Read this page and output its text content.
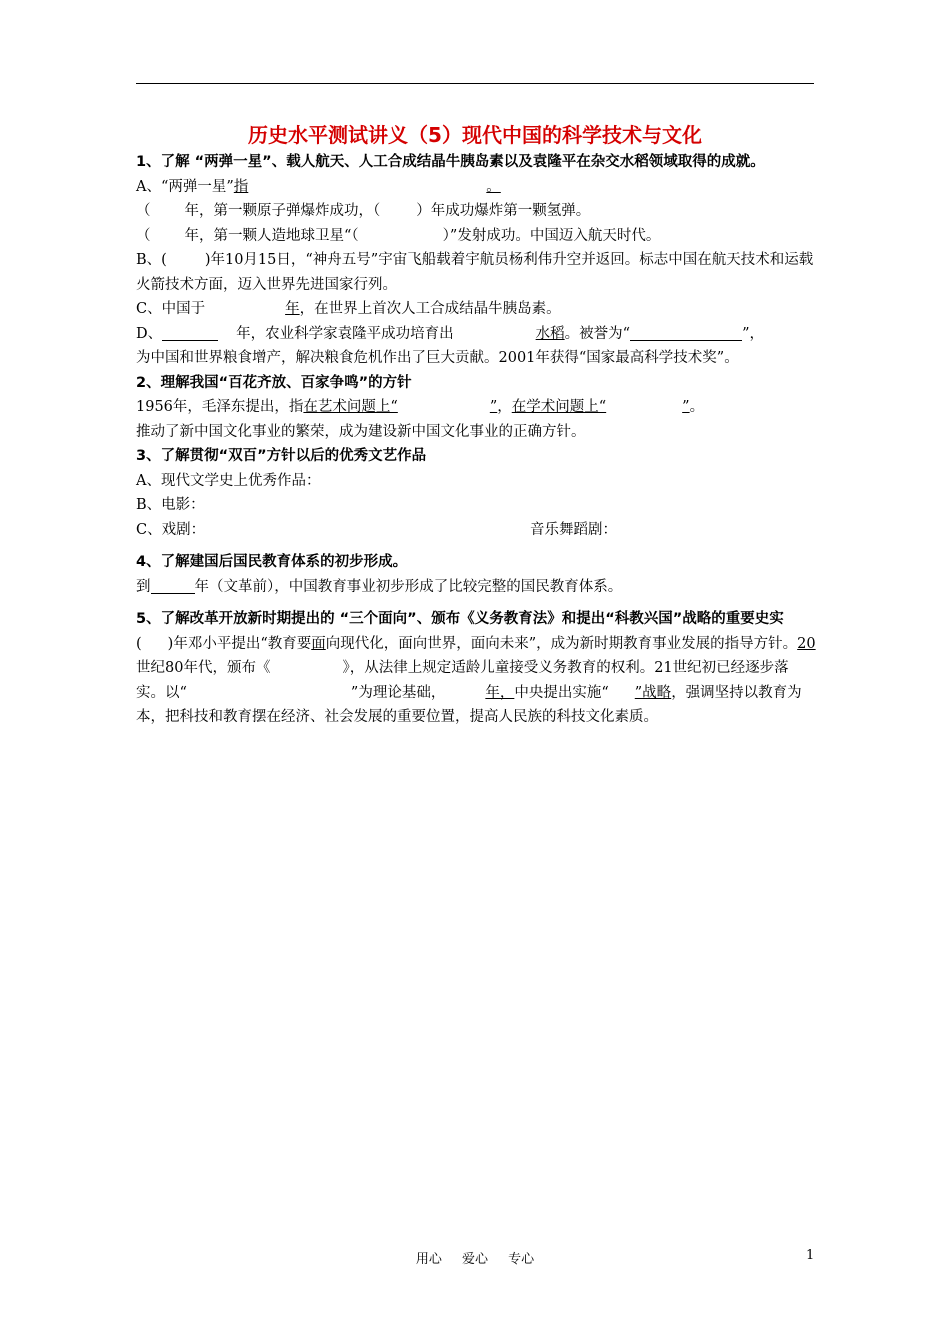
历史水平测试讲义（5）现代中国的科学技术与文化

1、了解 “两弹一星”、载人航天、人工合成结晶牛胰岛素以及袁隆平在杂交水稻领域取得的成就。

A、“两弹一星”指	。

（ 年，第一颗原子弹爆炸成功，（ ）年成功爆炸第一颗氢弹。

（ 年，第一颗人造地球卫星“（	）”发射成功。中国迈入航天时代。

B、(	)年10月15日，“神舟五号”宇宙飞船载着宇航员杨利伟升空并返回。标志中国在航天技术和运载火箭技术方面，迈入世界先进国家行列。

C、中国于	年，在世界上首次人工合成结晶牛胰岛素。

D、	年，农业科学家袁隆平成功培育出	水稻。被誉为“	”，
为中国和世界粮食增产，解决粮食危机作出了巨大贡献。2001年获得“国家最高科学技术奖”。

2、理解我国“百花齐放、百家争鸣”的方针

1956年，毛泽东提出，指在艺术问题上“	”，在学术问题上“	”。
推动了新中国文化事业的繁荣，成为建设新中国文化事业的正确方针。

3、了解贯彻“双百”方针以后的优秀文艺作品

A、现代文学史上优秀作品：

B、电影：

C、戏剧：	音乐舞蹈剧：

4、了解建国后国民教育体系的初步形成。

到	年（文革前），中国教育事业初步形成了比较完整的国民教育体系。

5、了解改革开放新时期提出的 “三个面向”、颁布《义务教育法》和提出“科教兴国”战略的重要史实

( )年邓小平提出“教育要面向现代化，面向世界，面向未来”，成为新时期教育事业发展的指导方针。20世纪80年代，颁布《	》，从法律上规定适龄儿童接受义务教育的权利。21世纪初已经逐步落实。以“	”为理论基础，	年，中央提出实施“ ”战略，强调坚持以教育为本，把科技和教育摆在经济、社会发展的重要位置，提高人民族的科技文化素质。

用心 爱心 专心	1
